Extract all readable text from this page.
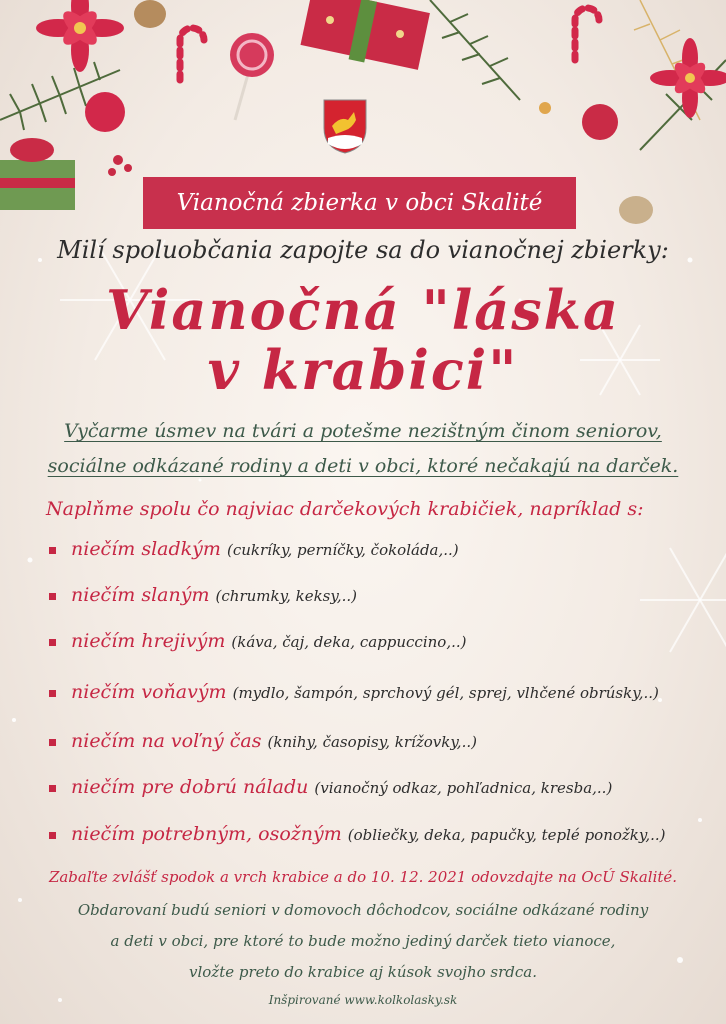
Vianočná zbierka v obci Skalité
Milí spoluobčania zapojte sa do vianočnej zbierky:
Vianočná "láska
v krabici"
Vyčarme úsmev na tvári a potešme nezištným činom seniorov,
sociálne odkázané rodiny a deti v obci, ktoré nečakajú na darček.
Naplňme spolu čo najviac darčekových krabičiek, napríklad s:
niečím sladkým (cukríky, perníčky, čokoláda,..)
niečím slaným (chrumky, keksy,..)
niečím hrejivým (káva, čaj, deka, cappuccino,..)
niečím voňavým (mydlo, šampón, sprchový gél, sprej, vlhčené obrúsky,..)
niečím na voľný čas (knihy, časopisy, krížovky,..)
niečím pre dobrú náladu (vianočný odkaz, pohľadnica, kresba,..)
niečím potrebným, osožným (obliečky, deka, papučky, teplé ponožky,..)
Zabaľte zvlášť spodok a vrch krabice a do 10. 12. 2021 odovzdajte na OcÚ Skalité.
Obdarovaní budú seniori v domovoch dôchodcov, sociálne odkázané rodiny
a deti v obci, pre ktoré to bude možno jediný darček tieto vianoce,
vložte preto do krabice aj kúsok svojho srdca.
Inšpirované www.kolkolasky.sk
